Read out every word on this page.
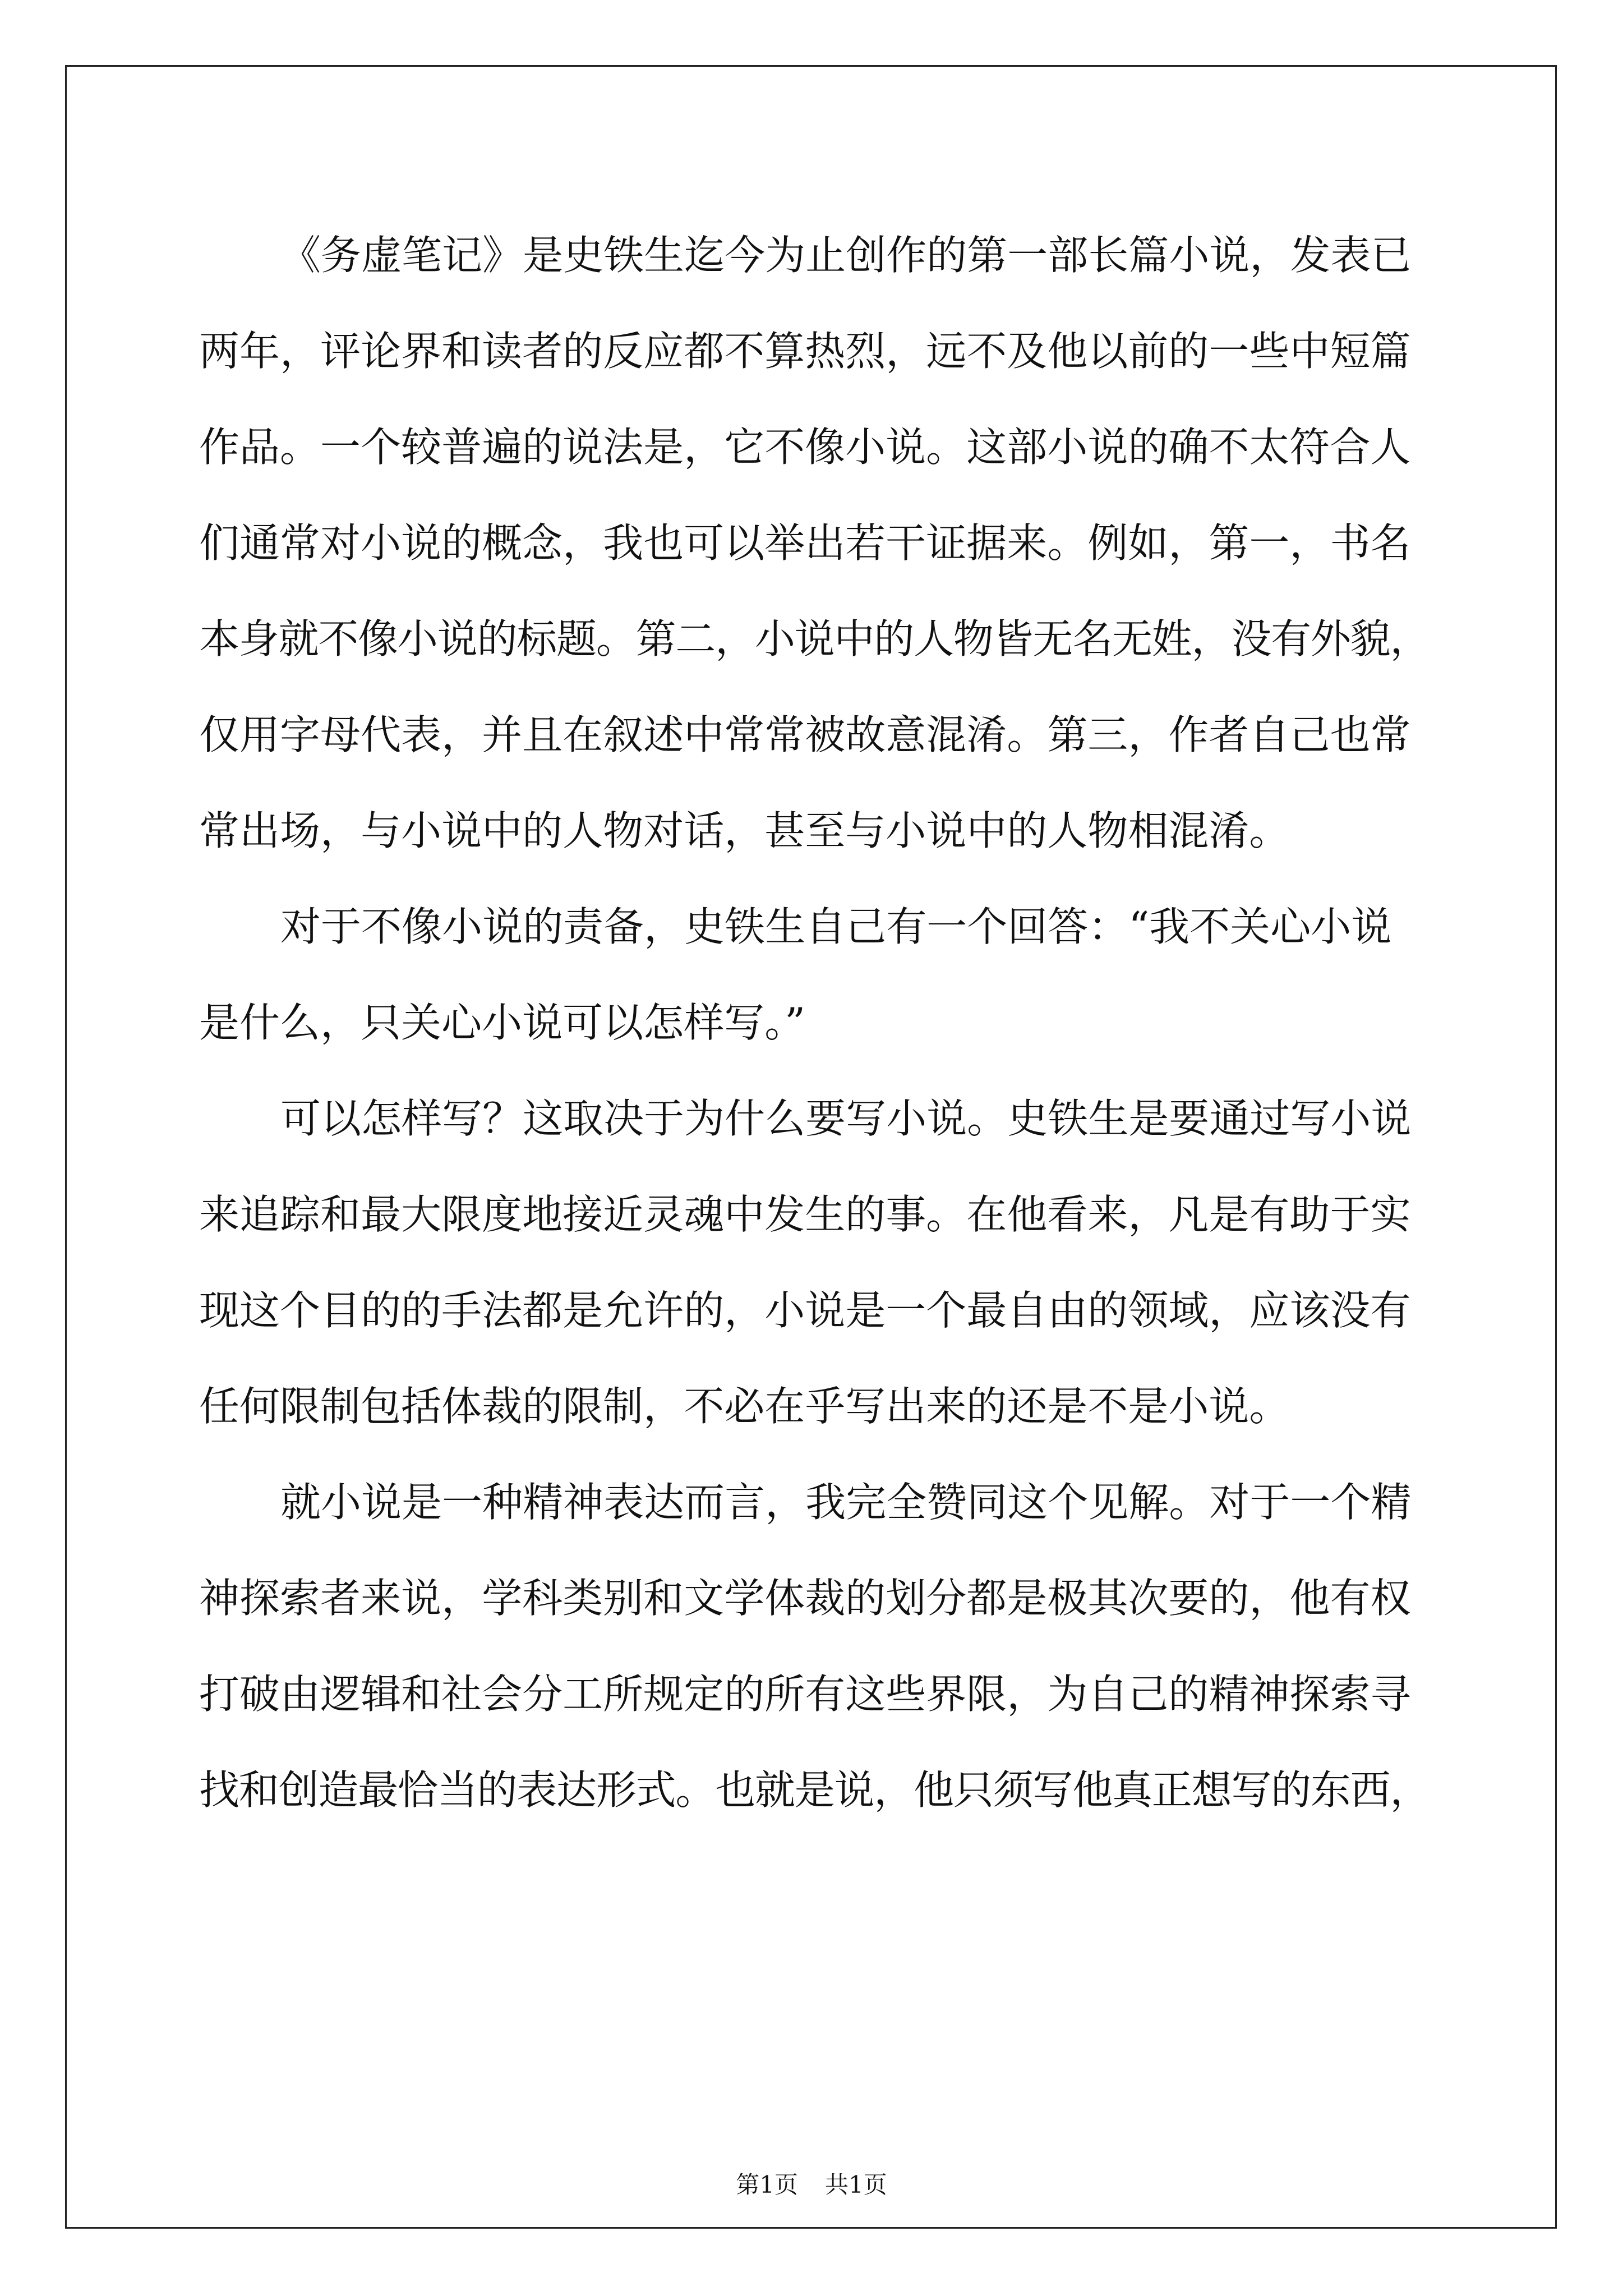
《务虚笔记》是史铁生迄今为止创作的第一部长篇小说，发表已
两年，评论界和读者的反应都不算热烈，远不及他以前的一些中短篇
作品。一个较普遍的说法是，它不像小说。这部小说的确不太符合人
们通常对小说的概念，我也可以举出若干证据来。例如，第一，书名
本身就不像小说的标题。第二，小说中的人物皆无名无姓，没有外貌，
仅用字母代表，并且在叙述中常常被故意混淆。第三，作者自己也常
常出场，与小说中的人物对话，甚至与小说中的人物相混淆。
对于不像小说的责备，史铁生自己有一个回答：“我不关心小说
是什么，只关心小说可以怎样写。”
可以怎样写？这取决于为什么要写小说。史铁生是要通过写小说
来追踪和最大限度地接近灵魂中发生的事。在他看来，凡是有助于实
现这个目的的手法都是允许的，小说是一个最自由的领域，应该没有
任何限制包括体裁的限制，不必在乎写出来的还是不是小说。
就小说是一种精神表达而言，我完全赞同这个见解。对于一个精
神探索者来说，学科类别和文学体裁的划分都是极其次要的，他有权
打破由逻辑和社会分工所规定的所有这些界限，为自己的精神探索寻
找和创造最恰当的表达形式。也就是说，他只须写他真正想写的东西，
第1页 共1页
